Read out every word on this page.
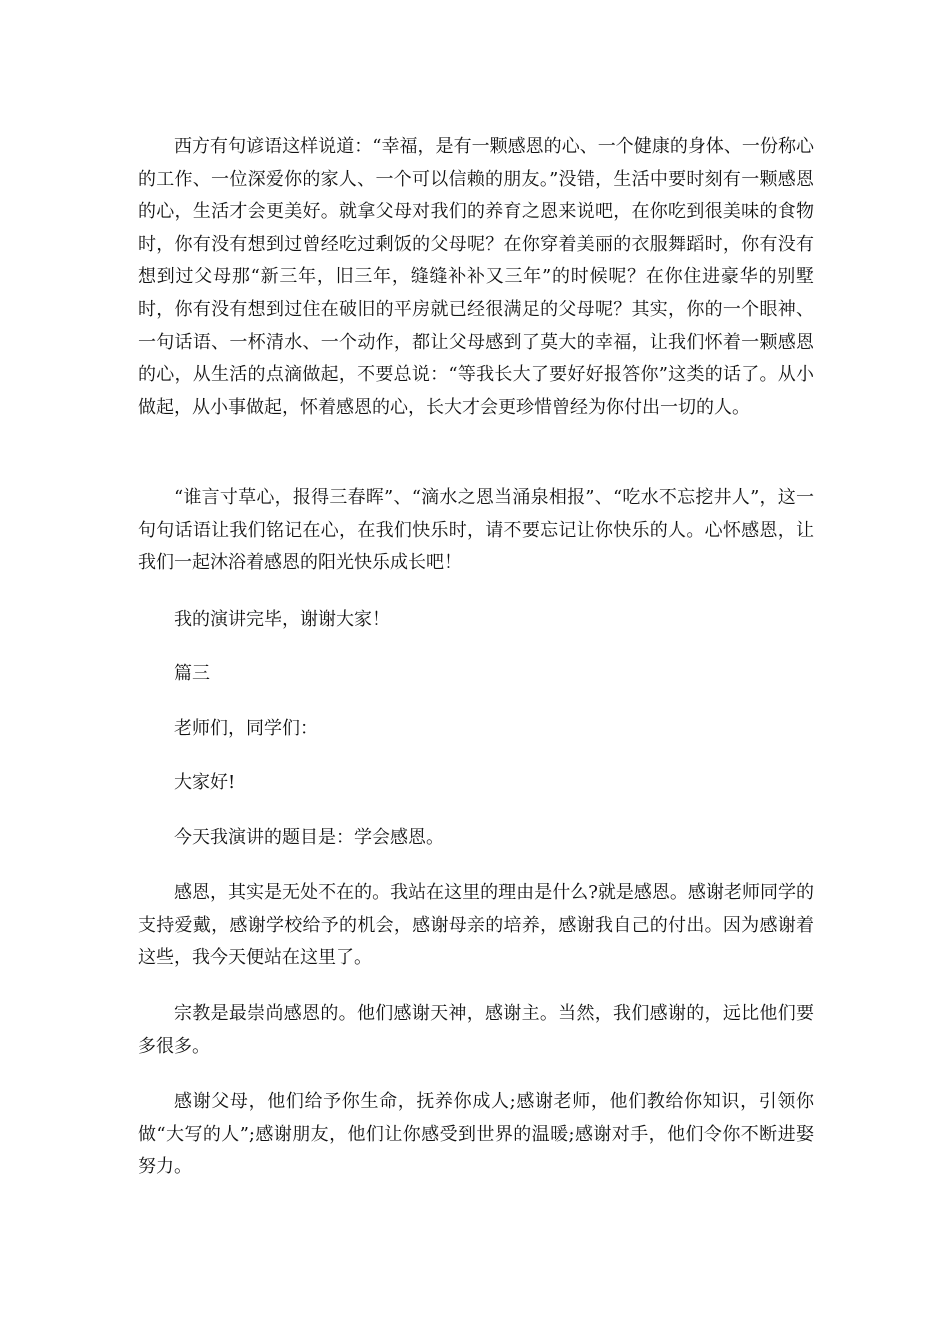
西方有句谚语这样说道：“幸福，是有一颗感恩的心、一个健康的身体、一份称心的工作、一位深爱你的家人、一个可以信赖的朋友。”没错，生活中要时刻有一颗感恩的心，生活才会更美好。就拿父母对我们的养育之恩来说吧，在你吃到很美味的食物时，你有没有想到过曾经吃过剩饭的父母呢？在你穿着美丽的衣服舞蹈时，你有没有想到过父母那“新三年，旧三年，缝缝补补又三年”的时候呢？在你住进豪华的别墅时，你有没有想到过住在破旧的平房就已经很满足的父母呢？其实，你的一个眼神、一句话语、一杯清水、一个动作，都让父母感到了莫大的幸福，让我们怀着一颗感恩的心，从生活的点滴做起，不要总说：“等我长大了要好好报答你”这类的话了。从小做起，从小事做起，怀着感恩的心，长大才会更珍惜曾经为你付出一切的人。

“谁言寸草心，报得三春晖”、“滴水之恩当涌泉相报”、“吃水不忘挖井人”，这一句句话语让我们铭记在心，在我们快乐时，请不要忘记让你快乐的人。心怀感恩，让我们一起沐浴着感恩的阳光快乐成长吧！

我的演讲完毕，谢谢大家！

篇三

老师们，同学们：

大家好!

今天我演讲的题目是：学会感恩。

感恩，其实是无处不在的。我站在这里的理由是什么?就是感恩。感谢老师同学的支持爱戴，感谢学校给予的机会，感谢母亲的培养，感谢我自己的付出。因为感谢着这些，我今天便站在这里了。

宗教是最崇尚感恩的。他们感谢天神，感谢主。当然，我们感谢的，远比他们要多很多。

感谢父母，他们给予你生命，抚养你成人;感谢老师，他们教给你知识，引领你做“大写的人”;感谢朋友，他们让你感受到世界的温暖;感谢对手，他们令你不断进娶努力。
